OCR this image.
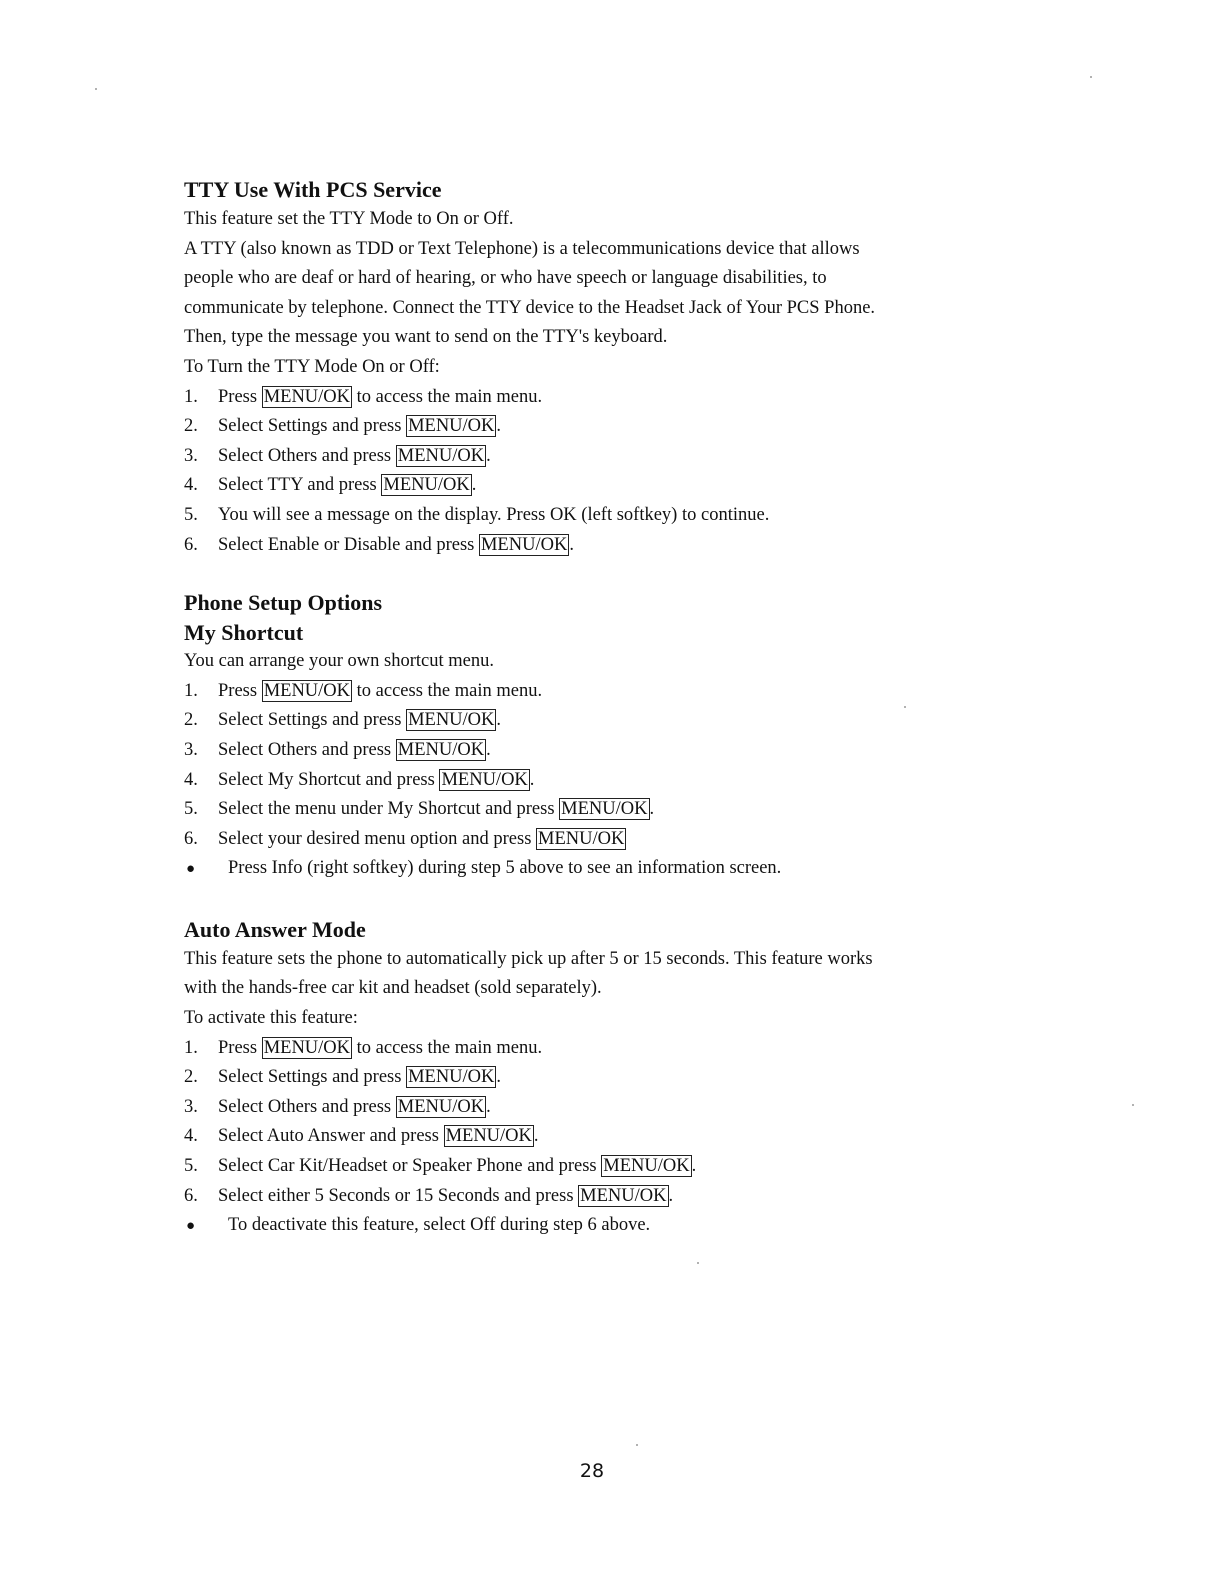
TTY Use With PCS Service

This feature set the TTY Mode to On or Off.

A TTY (also known as TDD or Text Telephone) is a telecommunications device that allows

people who are deaf or hard of hearing, or who have speech or language disabilities, to

communicate by telephone. Connect the TTY device to the Headset Jack of Your PCS Phone.

Then, type the message you want to send on the TTY's keyboard.

To Turn the TTY Mode On or Off:

1.	Press MENU/OK to access the main menu.
2.	Select Settings and press MENU/OK .
3.	Select Others and press MENU/OK .
4.	Select TTY and press MENU/OK .
5.	You will see a message on the display. Press OK (left softkey) to continue.
6.	Select Enable or Disable and press MENU/OK .
Phone Setup Options
My Shortcut

You can arrange your own shortcut menu.

1.	Press MENU/OK to access the main menu.
2.	Select Settings and press MENU/OK .
3.	Select Others and press MENU/OK .
4.	Select My Shortcut and press MENU/OK .
5.	Select the menu under My Shortcut and press MENU/OK .
6.	Select your desired menu option and press MENU/OK
●	Press Info (right softkey) during step 5 above to see an information screen.
Auto Answer Mode

This feature sets the phone to automatically pick up after 5 or 15 seconds. This feature works

with the hands-free car kit and headset (sold separately).

To activate this feature:

1.	Press MENU/OK to access the main menu.
2.	Select Settings and press MENU/OK .
3.	Select Others and press MENU/OK .
4.	Select Auto Answer and press MENU/OK .
5.	Select Car Kit/Headset or Speaker Phone and press MENU/OK .
6.	Select either 5 Seconds or 15 Seconds and press MENU/OK .
●	To deactivate this feature, select Off during step 6 above.
28
